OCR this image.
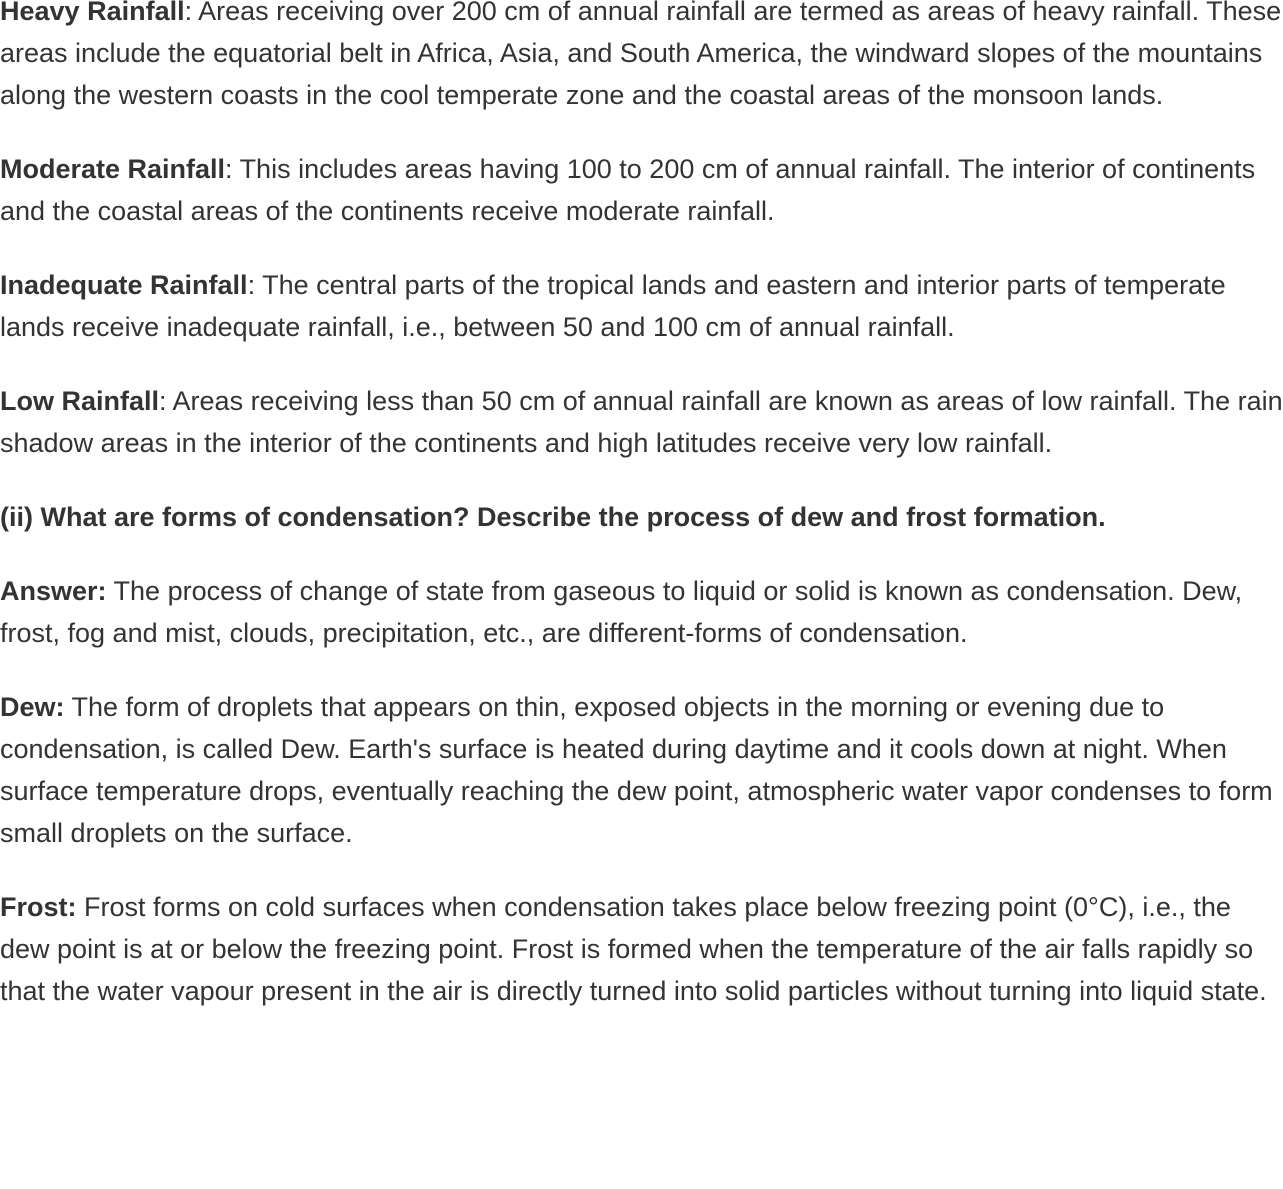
Heavy Rainfall: Areas receiving over 200 cm of annual rainfall are termed as areas of heavy rainfall. These areas include the equatorial belt in Africa, Asia, and South America, the windward slopes of the mountains along the western coasts in the cool temperate zone and the coastal areas of the monsoon lands.

Moderate Rainfall: This includes areas having 100 to 200 cm of annual rainfall. The interior of continents and the coastal areas of the continents receive moderate rainfall.

Inadequate Rainfall: The central parts of the tropical lands and eastern and interior parts of temperate lands receive inadequate rainfall, i.e., between 50 and 100 cm of annual rainfall.

Low Rainfall: Areas receiving less than 50 cm of annual rainfall are known as areas of low rainfall. The rain shadow areas in the interior of the continents and high latitudes receive very low rainfall.

(ii) What are forms of condensation? Describe the process of dew and frost formation.

Answer: The process of change of state from gaseous to liquid or solid is known as condensation. Dew, frost, fog and mist, clouds, precipitation, etc., are different-forms of condensation.

Dew: The form of droplets that appears on thin, exposed objects in the morning or evening due to condensation, is called Dew. Earth's surface is heated during daytime and it cools down at night. When surface temperature drops, eventually reaching the dew point, atmospheric water vapor condenses to form small droplets on the surface.

Frost: Frost forms on cold surfaces when condensation takes place below freezing point (0°C), i.e., the dew point is at or below the freezing point. Frost is formed when the temperature of the air falls rapidly so that the water vapour present in the air is directly turned into solid particles without turning into liquid state.
